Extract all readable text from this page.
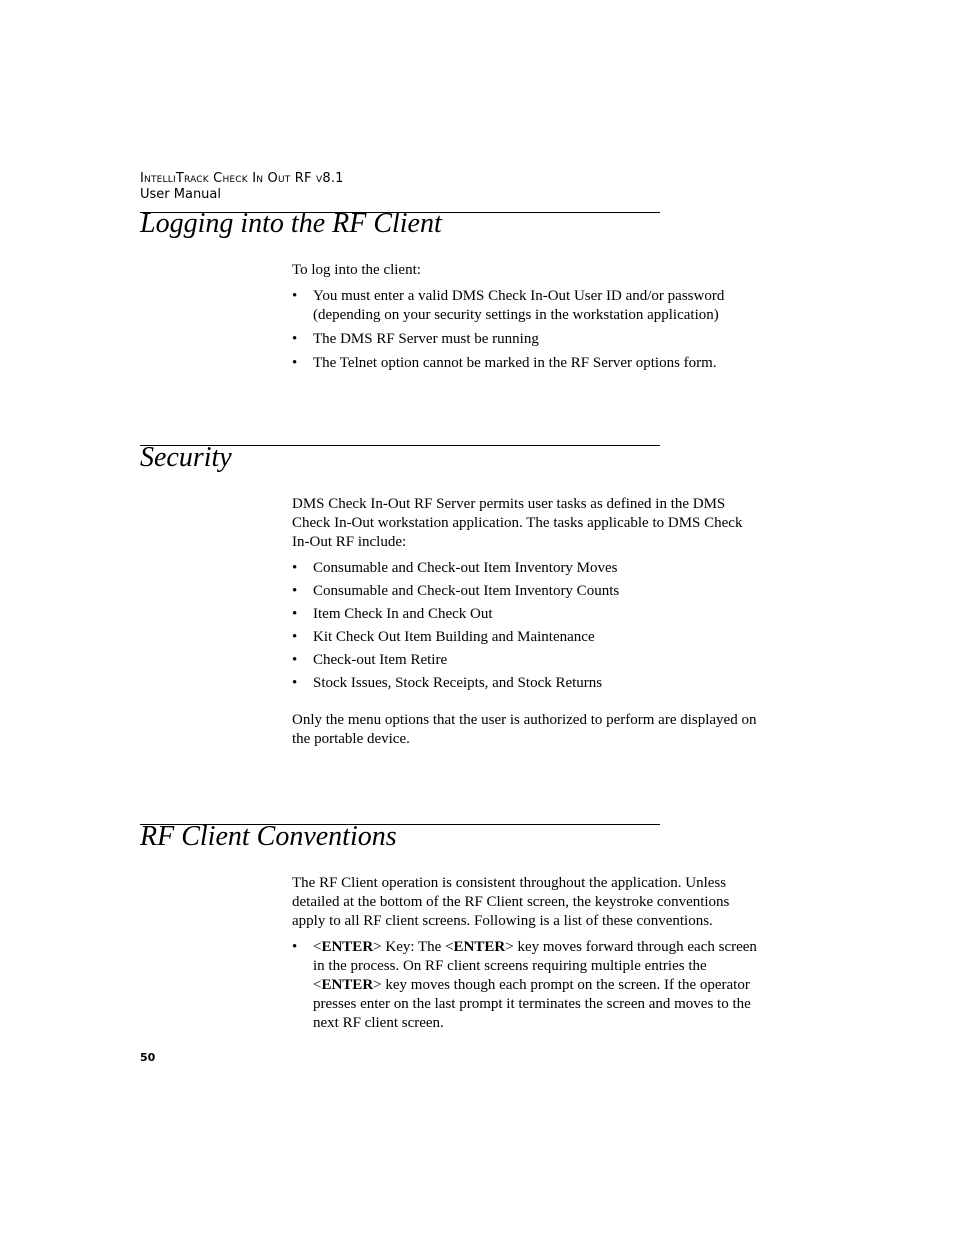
IntelliTrack Check In Out RF v8.1
User Manual
Logging into the RF Client

To log into the client:

• You must enter a valid DMS Check In-Out User ID and/or password (depending on your security settings in the workstation application)
• The DMS RF Server must be running
• The Telnet option cannot be marked in the RF Server options form.
Security

DMS Check In-Out RF Server permits user tasks as defined in the DMS Check In-Out workstation application. The tasks applicable to DMS Check In-Out RF include:

• Consumable and Check-out Item Inventory Moves
• Consumable and Check-out Item Inventory Counts
• Item Check In and Check Out
• Kit Check Out Item Building and Maintenance
• Check-out Item Retire
• Stock Issues, Stock Receipts, and Stock Returns

Only the menu options that the user is authorized to perform are displayed on the portable device.

RF Client Conventions

The RF Client operation is consistent throughout the application. Unless detailed at the bottom of the RF Client screen, the keystroke conventions apply to all RF client screens. Following is a list of these conventions.

• <ENTER> Key: The <ENTER> key moves forward through each screen in the process. On RF client screens requiring multiple entries the <ENTER> key moves though each prompt on the screen. If the operator presses enter on the last prompt it terminates the screen and moves to the next RF client screen.
50
